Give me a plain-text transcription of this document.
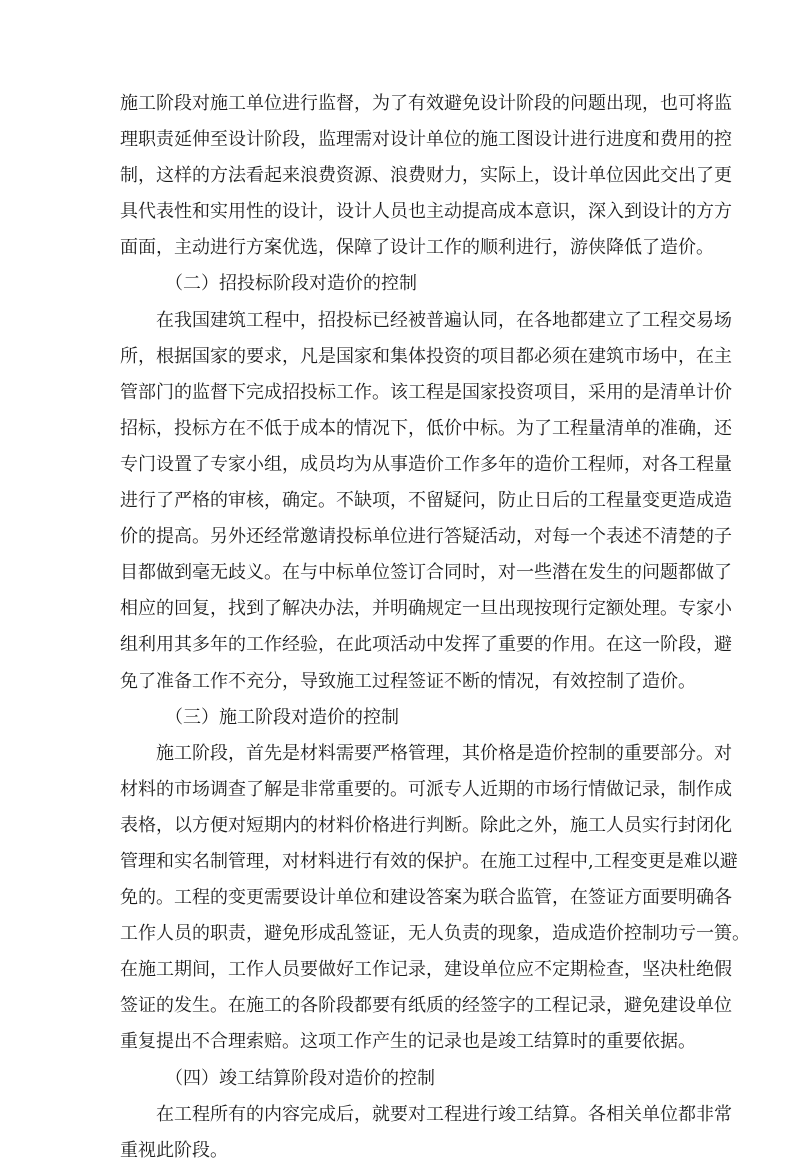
施工阶段对施工单位进行监督，为了有效避免设计阶段的问题出现，也可将监
理职责延伸至设计阶段，监理需对设计单位的施工图设计进行进度和费用的控
制，这样的方法看起来浪费资源、浪费财力，实际上，设计单位因此交出了更
具代表性和实用性的设计，设计人员也主动提高成本意识，深入到设计的方方
面面，主动进行方案优选，保障了设计工作的顺利进行，游侠降低了造价。
（二）招投标阶段对造价的控制
在我国建筑工程中，招投标已经被普遍认同，在各地都建立了工程交易场
所，根据国家的要求，凡是国家和集体投资的项目都必须在建筑市场中，在主
管部门的监督下完成招投标工作。该工程是国家投资项目，采用的是清单计价
招标，投标方在不低于成本的情况下，低价中标。为了工程量清单的准确，还
专门设置了专家小组，成员均为从事造价工作多年的造价工程师，对各工程量
进行了严格的审核，确定。不缺项，不留疑问，防止日后的工程量变更造成造
价的提高。另外还经常邀请投标单位进行答疑活动，对每一个表述不清楚的子
目都做到毫无歧义。在与中标单位签订合同时，对一些潜在发生的问题都做了
相应的回复，找到了解决办法，并明确规定一旦出现按现行定额处理。专家小
组利用其多年的工作经验，在此项活动中发挥了重要的作用。在这一阶段，避
免了准备工作不充分，导致施工过程签证不断的情况，有效控制了造价。
（三）施工阶段对造价的控制
施工阶段，首先是材料需要严格管理，其价格是造价控制的重要部分。对
材料的市场调查了解是非常重要的。可派专人近期的市场行情做记录，制作成
表格，以方便对短期内的材料价格进行判断。除此之外，施工人员实行封闭化
管理和实名制管理，对材料进行有效的保护。在施工过程中,工程变更是难以避
免的。工程的变更需要设计单位和建设答案为联合监管，在签证方面要明确各
工作人员的职责，避免形成乱签证，无人负责的现象，造成造价控制功亏一篑。
在施工期间，工作人员要做好工作记录，建设单位应不定期检查，坚决杜绝假
签证的发生。在施工的各阶段都要有纸质的经签字的工程记录，避免建设单位
重复提出不合理索赔。这项工作产生的记录也是竣工结算时的重要依据。
（四）竣工结算阶段对造价的控制
在工程所有的内容完成后，就要对工程进行竣工结算。各相关单位都非常
重视此阶段。
